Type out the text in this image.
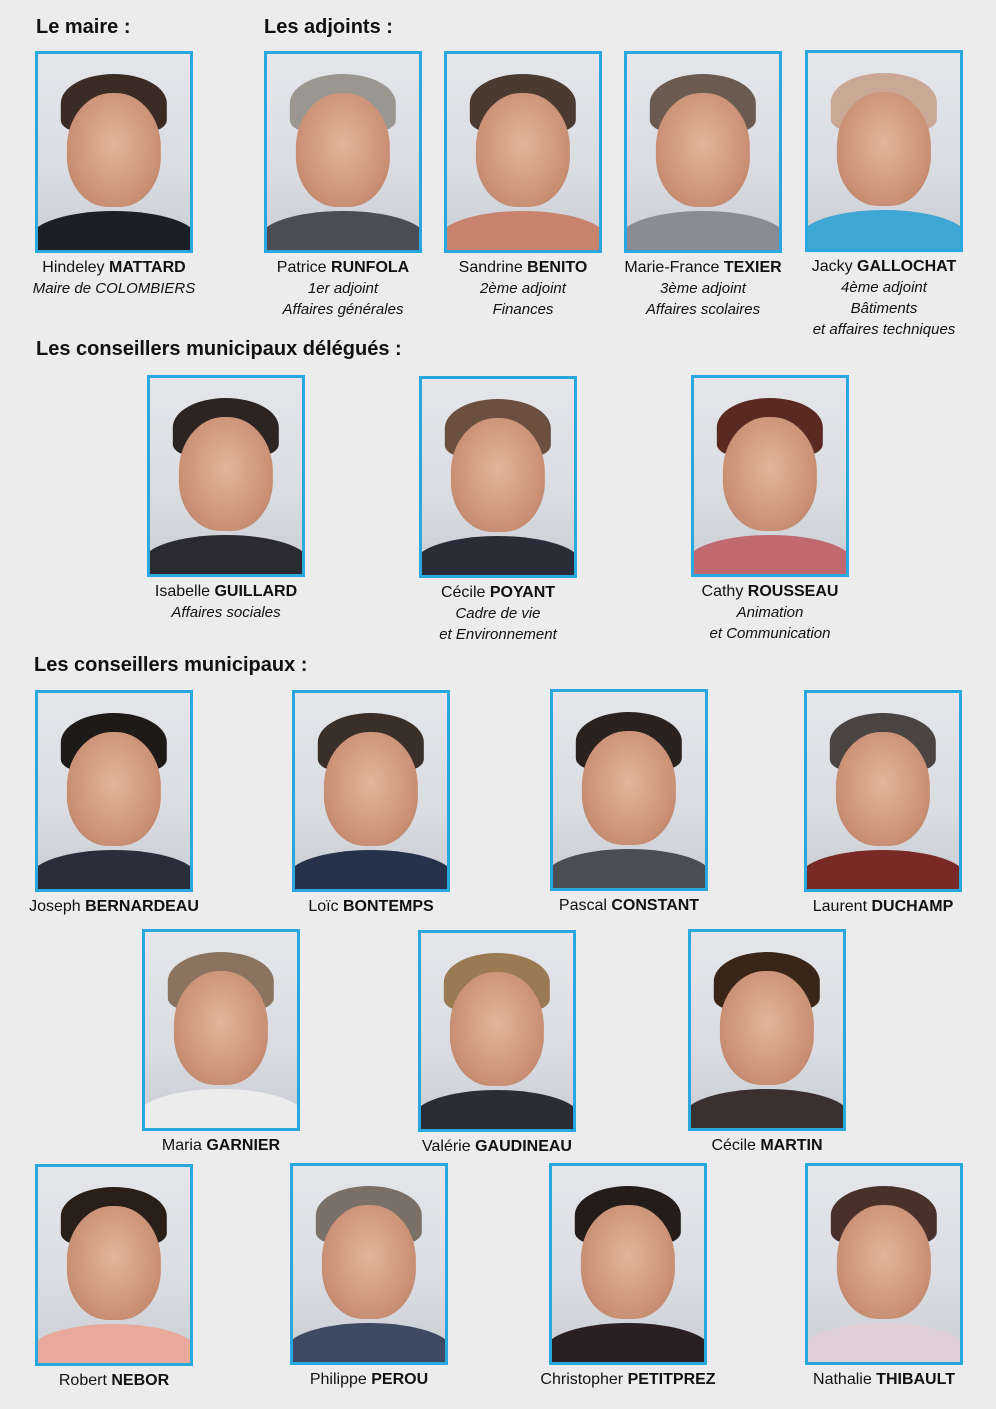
Le maire :	Les adjoints :
Les conseillers municipaux délégués :
Les conseillers municipaux :
Hindeley MATTARD
Maire de COLOMBIERS
Patrice RUNFOLA
1er adjoint
Affaires générales
Sandrine BENITO
2ème adjoint
Finances
Marie-France TEXIER
3ème adjoint
Affaires scolaires
Jacky GALLOCHAT
4ème adjoint
Bâtiments
et affaires techniques
Isabelle GUILLARD
Affaires sociales
Cécile POYANT
Cadre de vie
et Environnement
Cathy ROUSSEAU
Animation
et Communication
Joseph BERNARDEAU	Loïc BONTEMPS	Pascal CONSTANT	Laurent DUCHAMP
Maria GARNIER	Valérie GAUDINEAU	Cécile MARTIN
Robert NEBOR	Philippe PEROU	Christopher PETITPREZ	Nathalie THIBAULT
